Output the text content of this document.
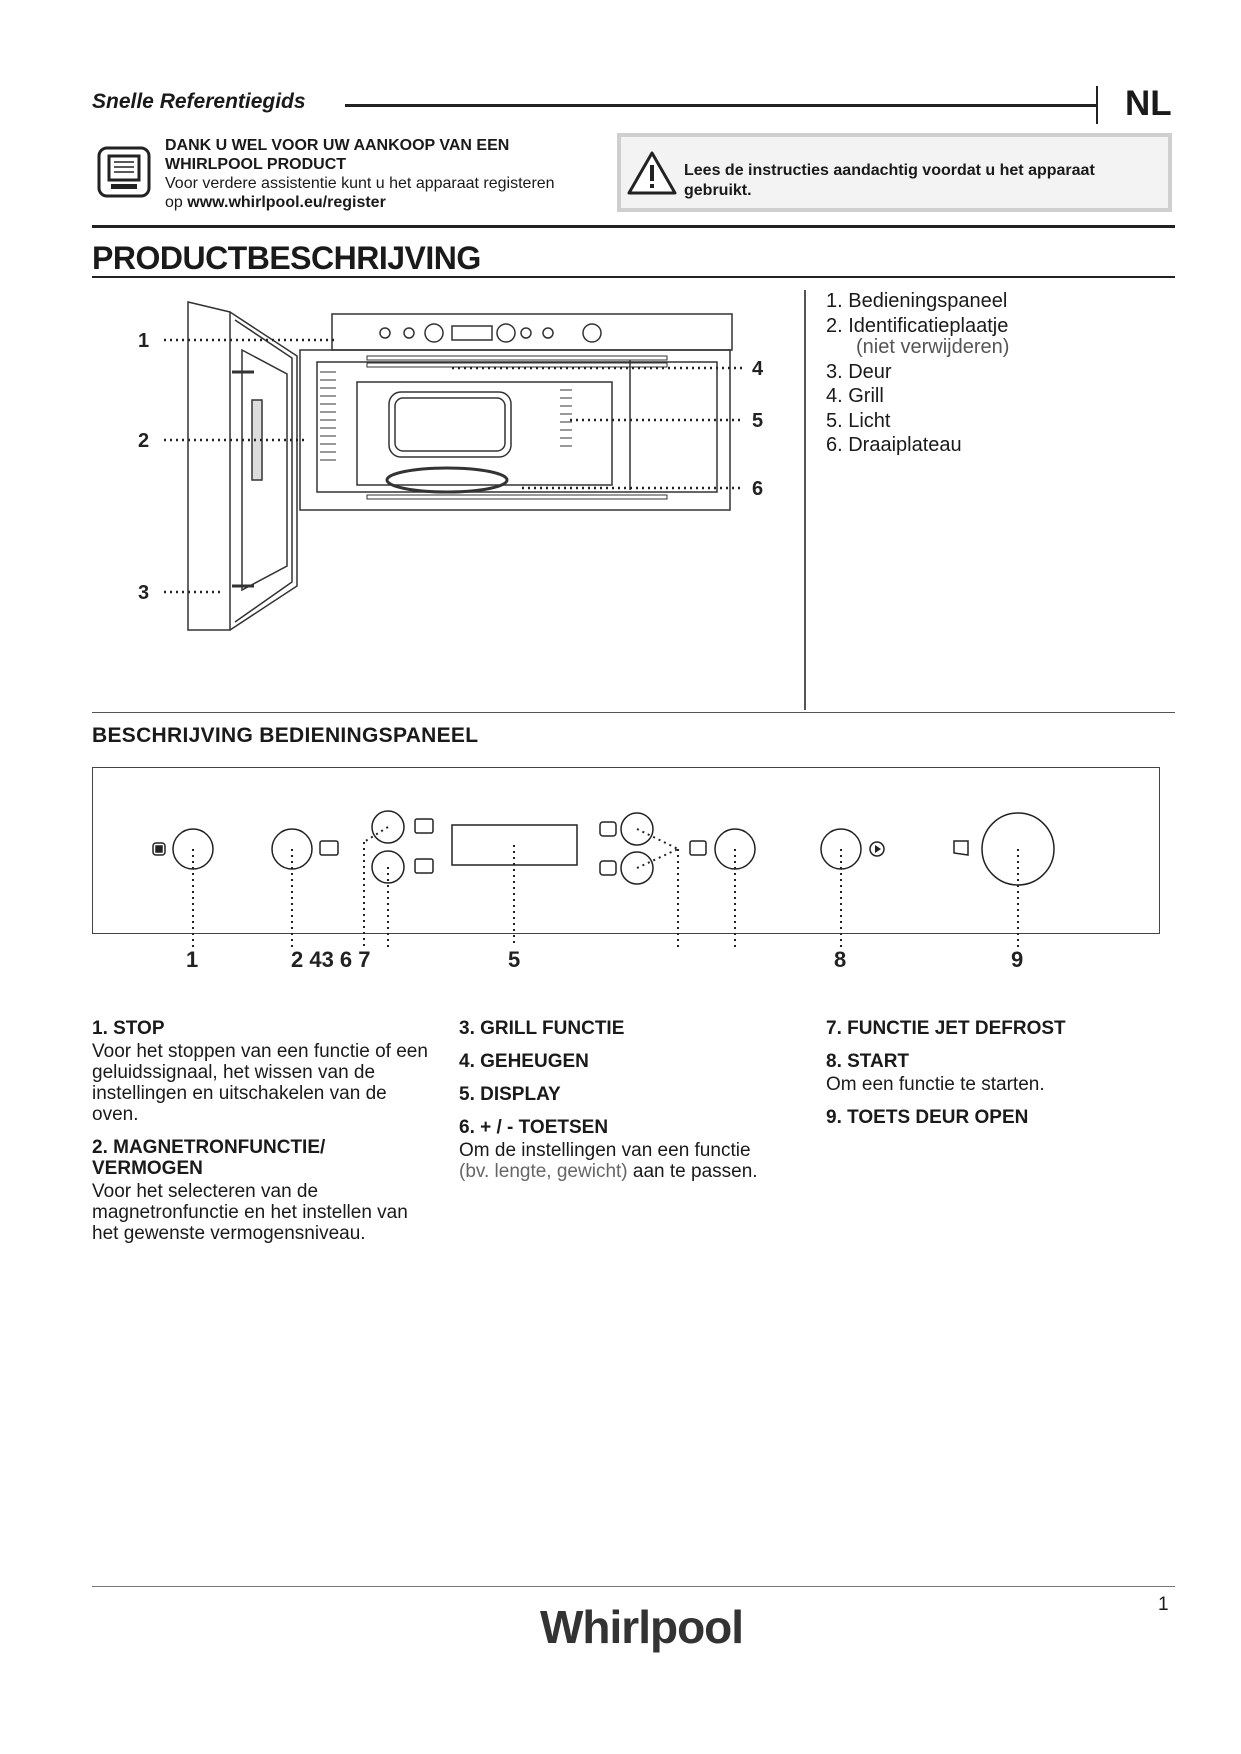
Snelle Referentiegids	NL
DANK U WEL VOOR UW AANKOOP VAN EEN
WHIRLPOOL PRODUCT
Voor verdere assistentie kunt u het apparaat registeren
op www.whirlpool.eu/register
Lees de instructies aandachtig voordat u het apparaat gebruikt.
PRODUCTBESCHRIJVING
1
2
3
4
5
6
1. Bedieningspaneel
2. Identificatieplaatje
(niet verwijderen)
3. Deur
4. Grill
5. Licht
6. Draaiplateau
BESCHRIJVING BEDIENINGSPANEEL
1	2 43 6 7	5	8	9
1. STOP
Voor het stoppen van een functie of een geluidssignaal, het wissen van de instellingen en uitschakelen van de oven.
2. MAGNETRONFUNCTIE/ VERMOGEN
Voor het selecteren van de magnetronfunctie en het instellen van het gewenste vermogensniveau.
3. GRILL FUNCTIE
4. GEHEUGEN
5. DISPLAY
6. + / - TOETSEN
Om de instellingen van een functie
(bv. lengte, gewicht) aan te passen.
7. FUNCTIE JET DEFROST
8. START
Om een functie te starten.
9. TOETS DEUR OPEN
1
Whirlpool
